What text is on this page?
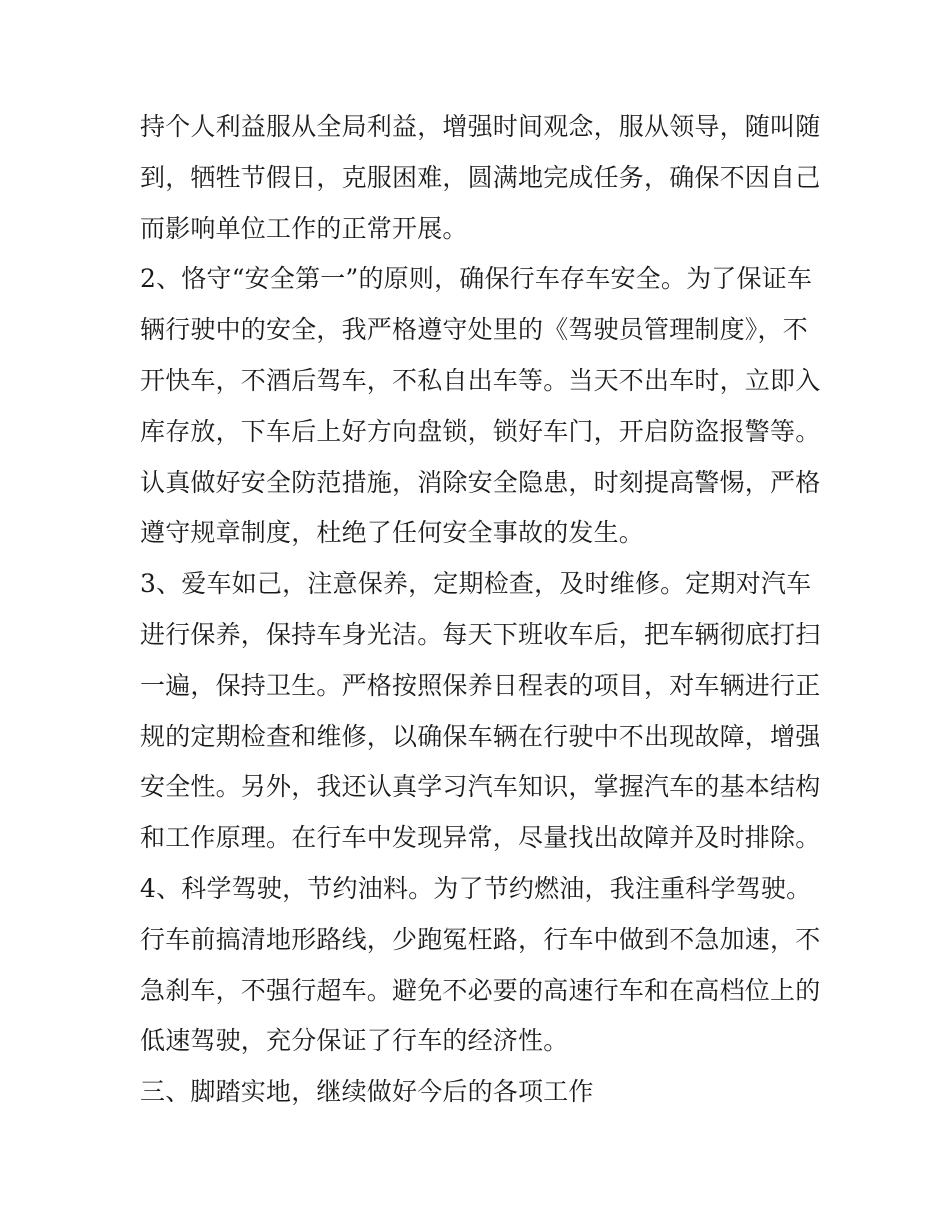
持个人利益服从全局利益，增强时间观念，服从领导，随叫随
到，牺牲节假日，克服困难，圆满地完成任务，确保不因自己
而影响单位工作的正常开展。
2、恪守“安全第一”的原则，确保行车存车安全。为了保证车
辆行驶中的安全，我严格遵守处里的《驾驶员管理制度》，不
开快车，不酒后驾车，不私自出车等。当天不出车时，立即入
库存放，下车后上好方向盘锁，锁好车门，开启防盗报警等。
认真做好安全防范措施，消除安全隐患，时刻提高警惕，严格
遵守规章制度，杜绝了任何安全事故的发生。
3、爱车如己，注意保养，定期检查，及时维修。定期对汽车
进行保养，保持车身光洁。每天下班收车后，把车辆彻底打扫
一遍，保持卫生。严格按照保养日程表的项目，对车辆进行正
规的定期检查和维修，以确保车辆在行驶中不出现故障，增强
安全性。另外，我还认真学习汽车知识，掌握汽车的基本结构
和工作原理。在行车中发现异常，尽量找出故障并及时排除。
4、科学驾驶，节约油料。为了节约燃油，我注重科学驾驶。
行车前搞清地形路线，少跑冤枉路，行车中做到不急加速，不
急刹车，不强行超车。避免不必要的高速行车和在高档位上的
低速驾驶，充分保证了行车的经济性。
三、脚踏实地，继续做好今后的各项工作
